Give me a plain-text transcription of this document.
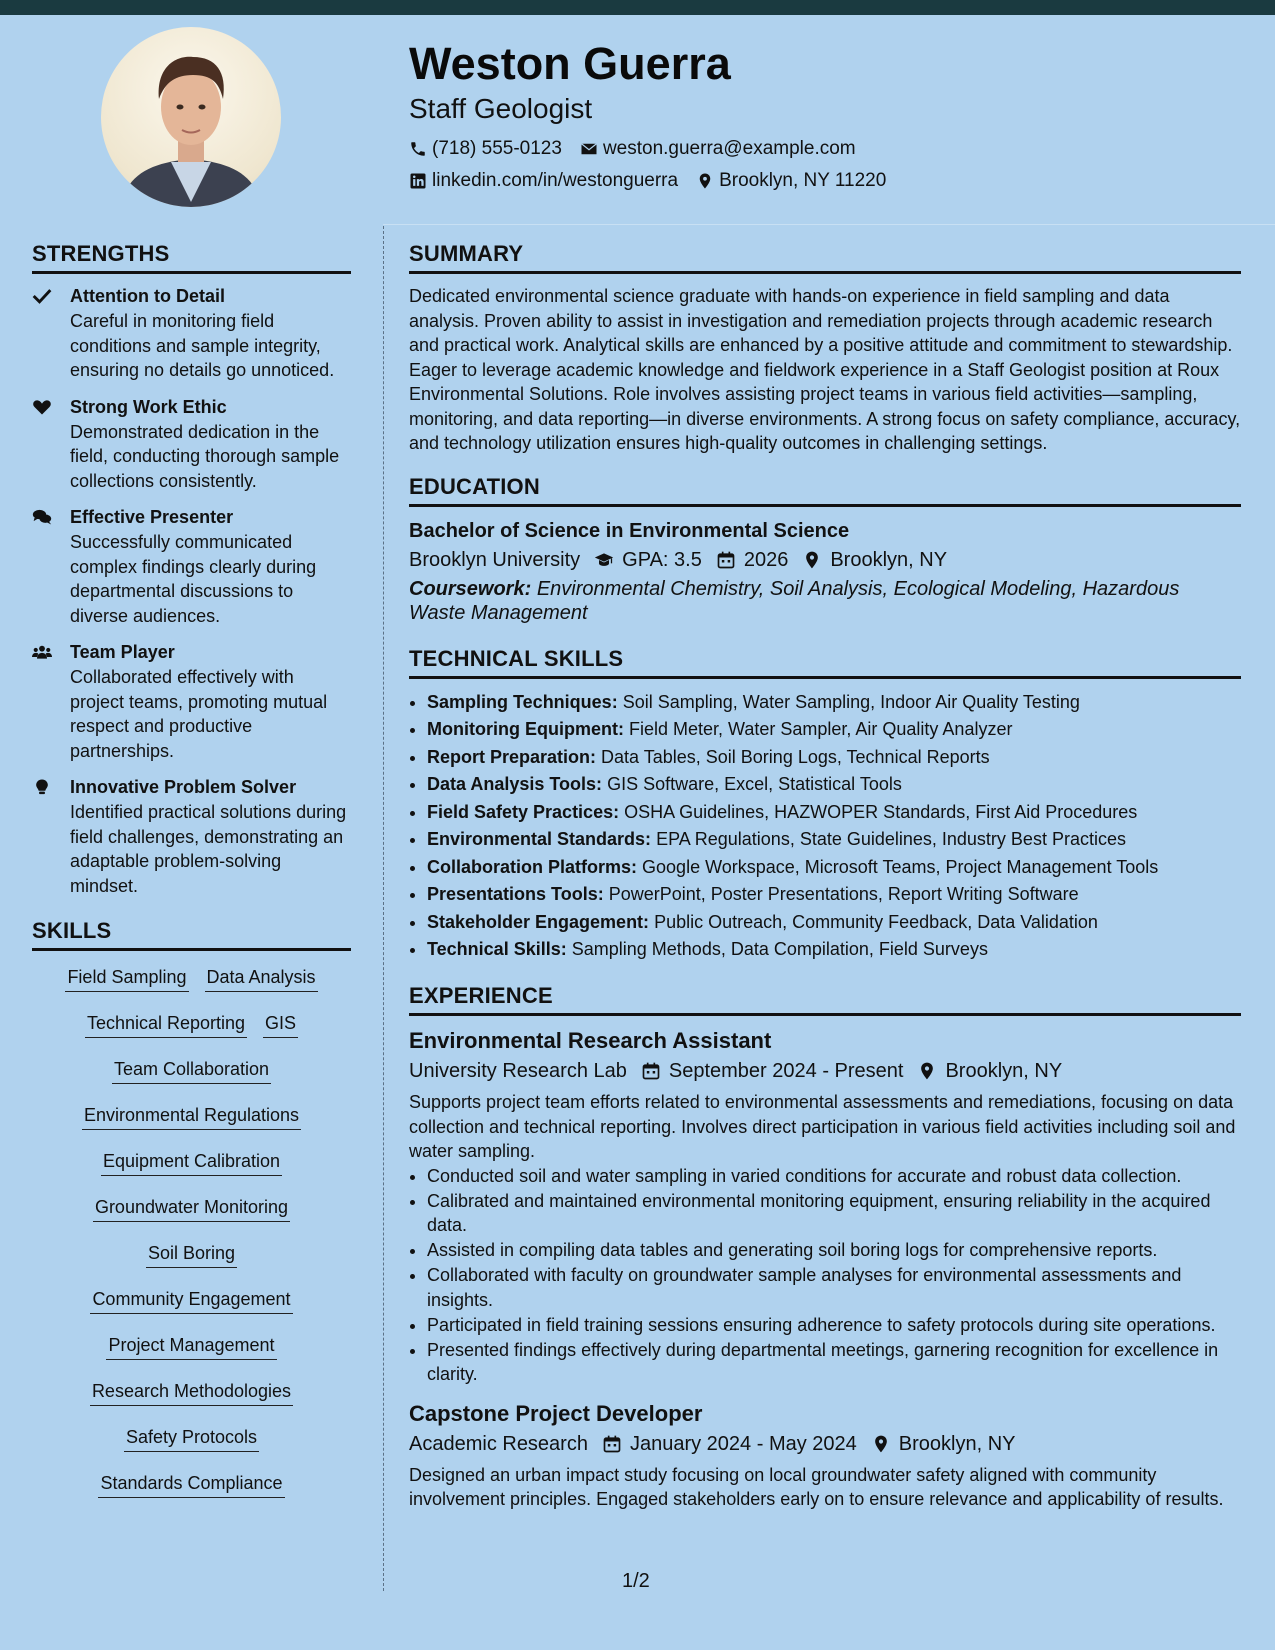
Weston Guerra
Staff Geologist
(718) 555-0123 weston.guerra@example.com
linkedin.com/in/westonguerra Brooklyn, NY 11220
STRENGTHS
Attention to Detail
Careful in monitoring field conditions and sample integrity, ensuring no details go unnoticed.
Strong Work Ethic
Demonstrated dedication in the field, conducting thorough sample collections consistently.
Effective Presenter
Successfully communicated complex findings clearly during departmental discussions to diverse audiences.
Team Player
Collaborated effectively with project teams, promoting mutual respect and productive partnerships.
Innovative Problem Solver
Identified practical solutions during field challenges, demonstrating an adaptable problem-solving mindset.
SKILLS
Field Sampling Data Analysis
Technical Reporting GIS
Team Collaboration
Environmental Regulations
Equipment Calibration
Groundwater Monitoring
Soil Boring
Community Engagement
Project Management
Research Methodologies
Safety Protocols
Standards Compliance
SUMMARY

Dedicated environmental science graduate with hands-on experience in field sampling and data analysis. Proven ability to assist in investigation and remediation projects through academic research and practical work. Analytical skills are enhanced by a positive attitude and commitment to stewardship. Eager to leverage academic knowledge and fieldwork experience in a Staff Geologist position at Roux Environmental Solutions. Role involves assisting project teams in various field activities—sampling, monitoring, and data reporting—in diverse environments. A strong focus on safety compliance, accuracy, and technology utilization ensures high-quality outcomes in challenging settings.

EDUCATION
Bachelor of Science in Environmental Science
Brooklyn University GPA: 3.5 2026 Brooklyn, NY
Coursework: Environmental Chemistry, Soil Analysis, Ecological Modeling, Hazardous Waste Management
TECHNICAL SKILLS
• Sampling Techniques: Soil Sampling, Water Sampling, Indoor Air Quality Testing
• Monitoring Equipment: Field Meter, Water Sampler, Air Quality Analyzer
• Report Preparation: Data Tables, Soil Boring Logs, Technical Reports
• Data Analysis Tools: GIS Software, Excel, Statistical Tools
• Field Safety Practices: OSHA Guidelines, HAZWOPER Standards, First Aid Procedures
• Environmental Standards: EPA Regulations, State Guidelines, Industry Best Practices
• Collaboration Platforms: Google Workspace, Microsoft Teams, Project Management Tools
• Presentations Tools: PowerPoint, Poster Presentations, Report Writing Software
• Stakeholder Engagement: Public Outreach, Community Feedback, Data Validation
• Technical Skills: Sampling Methods, Data Compilation, Field Surveys
EXPERIENCE
Environmental Research Assistant
University Research Lab September 2024 - Present Brooklyn, NY

Supports project team efforts related to environmental assessments and remediations, focusing on data collection and technical reporting. Involves direct participation in various field activities including soil and water sampling.

• Conducted soil and water sampling in varied conditions for accurate and robust data collection.
• Calibrated and maintained environmental monitoring equipment, ensuring reliability in the acquired data.
• Assisted in compiling data tables and generating soil boring logs for comprehensive reports.
• Collaborated with faculty on groundwater sample analyses for environmental assessments and insights.
• Participated in field training sessions ensuring adherence to safety protocols during site operations.
• Presented findings effectively during departmental meetings, garnering recognition for excellence in clarity.
Capstone Project Developer
Academic Research January 2024 - May 2024 Brooklyn, NY

Designed an urban impact study focusing on local groundwater safety aligned with community involvement principles. Engaged stakeholders early on to ensure relevance and applicability of results.

1/2
